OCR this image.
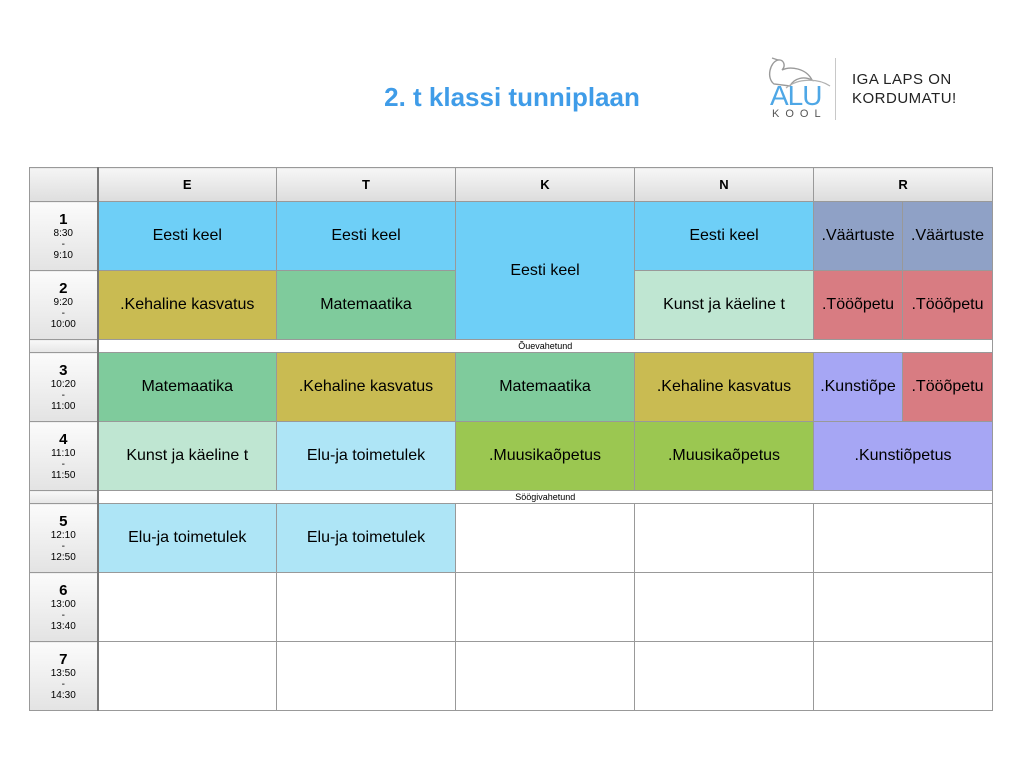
2. t klassi tunniplaan	ALU
KOOL
IGA LAPS ON
KORDUMATU!
	E	T	K	N	R	

1
8:30
-
9:10	Eesti keel	Eesti keel	Eesti keel	Eesti keel	.Väärtuste	.Väärtuste

2
9:20
-
10:00	.Kehaline kasvatus	Matemaatika		Kunst ja käeline t	.Tööõpetu	.Tööõpetu
	Õuevahetund					

3
10:20
-
11:00	Matemaatika	.Kehaline kasvatus	Matemaatika	.Kehaline kasvatus	.Kunstiõpe	.Tööõpetu

4
11:10
-
11:50	Kunst ja käeline t	Elu-ja toimetulek	.Muusikaõpetus	.Muusikaõpetus	.Kunstiõpetus	
	Söögivahetund					

5
12:10
-
12:50	Elu-ja toimetulek	Elu-ja toimetulek				

6
13:00
-
13:40						

7
13:50
-
14:30						
